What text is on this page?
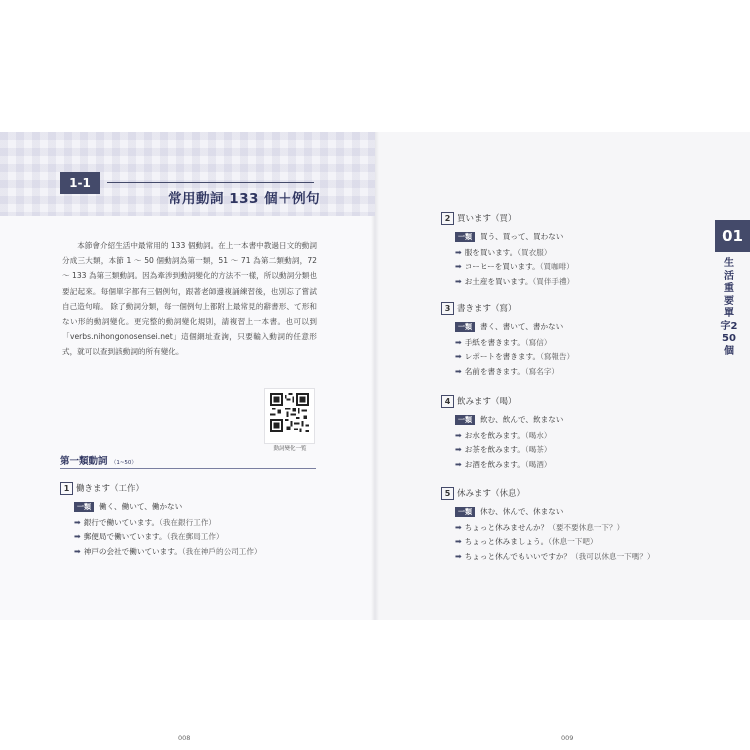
1-1
常用動詞 133 個＋例句

本節會介紹生活中最常用的 133 個動詞。在上一本書中教過日文的動詞分成三大類，本節 1 ～ 50 個動詞為第一類，51 ～ 71 為第二類動詞，72 ～ 133 為第三類動詞。因為牽涉到動詞變化的方法不一樣，所以動詞分類也要記起來。每個單字都有三個例句，跟著老師邊複誦練習後，也別忘了嘗試自己造句唷。 除了動詞分類，每一個例句上都附上最常見的辭書形、て形和ない形的動詞變化。更完整的動詞變化規則，請複習上一本書。也可以到「verbs.nihongonosensei.net」這個網址查詢，只要輸入動詞的任意形式，就可以查到該動詞的所有變化。

動詞變化一覧
第一類動詞 （1~50）
1 働きます（工作）
一類 働く、働いて、働かない
➡ 銀行で働いています。（我在銀行工作）
➡ 郵便局で働いています。（我在郵局工作）
➡ 神戸の会社で働いています。（我在神戶的公司工作）
008
2 買います（買）
一類 買う、買って、買わない
➡ 服を買います。（買衣服）
➡ コーヒーを買います。（買咖啡）
➡ お土産を買います。（買伴手禮）
3 書きます（寫）
一類 書く、書いて、書かない
➡ 手紙を書きます。（寫信）
➡ レポートを書きます。（寫報告）
➡ 名前を書きます。（寫名字）
4 飲みます（喝）
一類 飲む、飲んで、飲まない
➡ お水を飲みます。（喝水）
➡ お茶を飲みます。（喝茶）
➡ お酒を飲みます。（喝酒）
5 休みます（休息）
一類 休む、休んで、休まない
➡ ちょっと休みませんか？（要不要休息一下？）
➡ ちょっと休みましょう。（休息一下吧）
➡ ちょっと休んでもいいですか？（我可以休息一下嗎？）
009
01
生活重要單字250個
